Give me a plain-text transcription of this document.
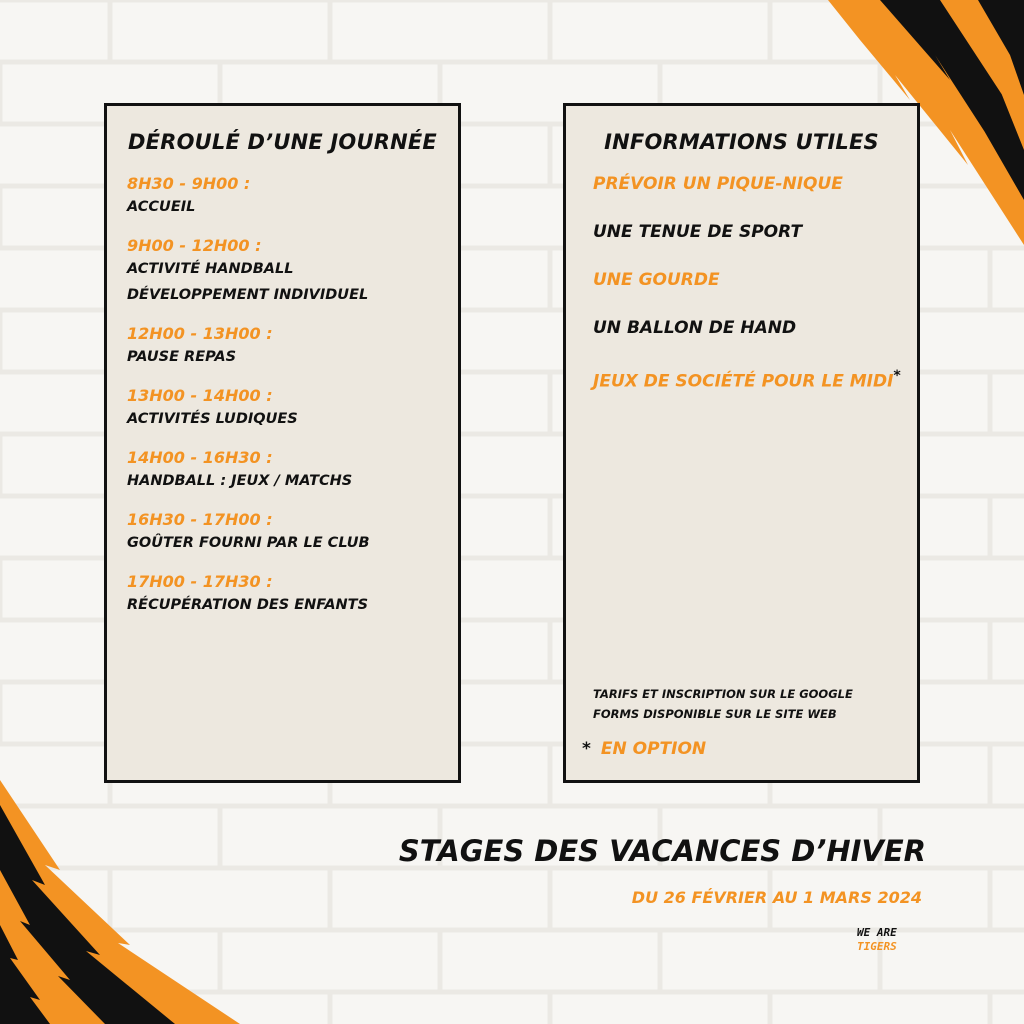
DÉROULÉ D’UNE JOURNÉE
8H30 - 9H00 :
ACCUEIL
9H00 - 12H00 :
ACTIVITÉ HANDBALL
DÉVELOPPEMENT INDIVIDUEL
12H00 - 13H00 :
PAUSE REPAS
13H00 - 14H00 :
ACTIVITÉS LUDIQUES
14H00 - 16H30 :
HANDBALL : JEUX / MATCHS
16H30 - 17H00 :
GOÛTER FOURNI PAR LE CLUB
17H00 - 17H30 :
RÉCUPÉRATION DES ENFANTS
INFORMATIONS UTILES
PRÉVOIR UN PIQUE-NIQUE
UNE TENUE DE SPORT
UNE GOURDE
UN BALLON DE HAND
JEUX DE SOCIÉTÉ POUR LE MIDI*
TARIFS ET INSCRIPTION SUR LE GOOGLE
FORMS DISPONIBLE SUR LE SITE WEB
* EN OPTION
STAGES DES VACANCES D’HIVER
DU 26 FÉVRIER AU 1 MARS 2024
WE ARE
TIGERS
